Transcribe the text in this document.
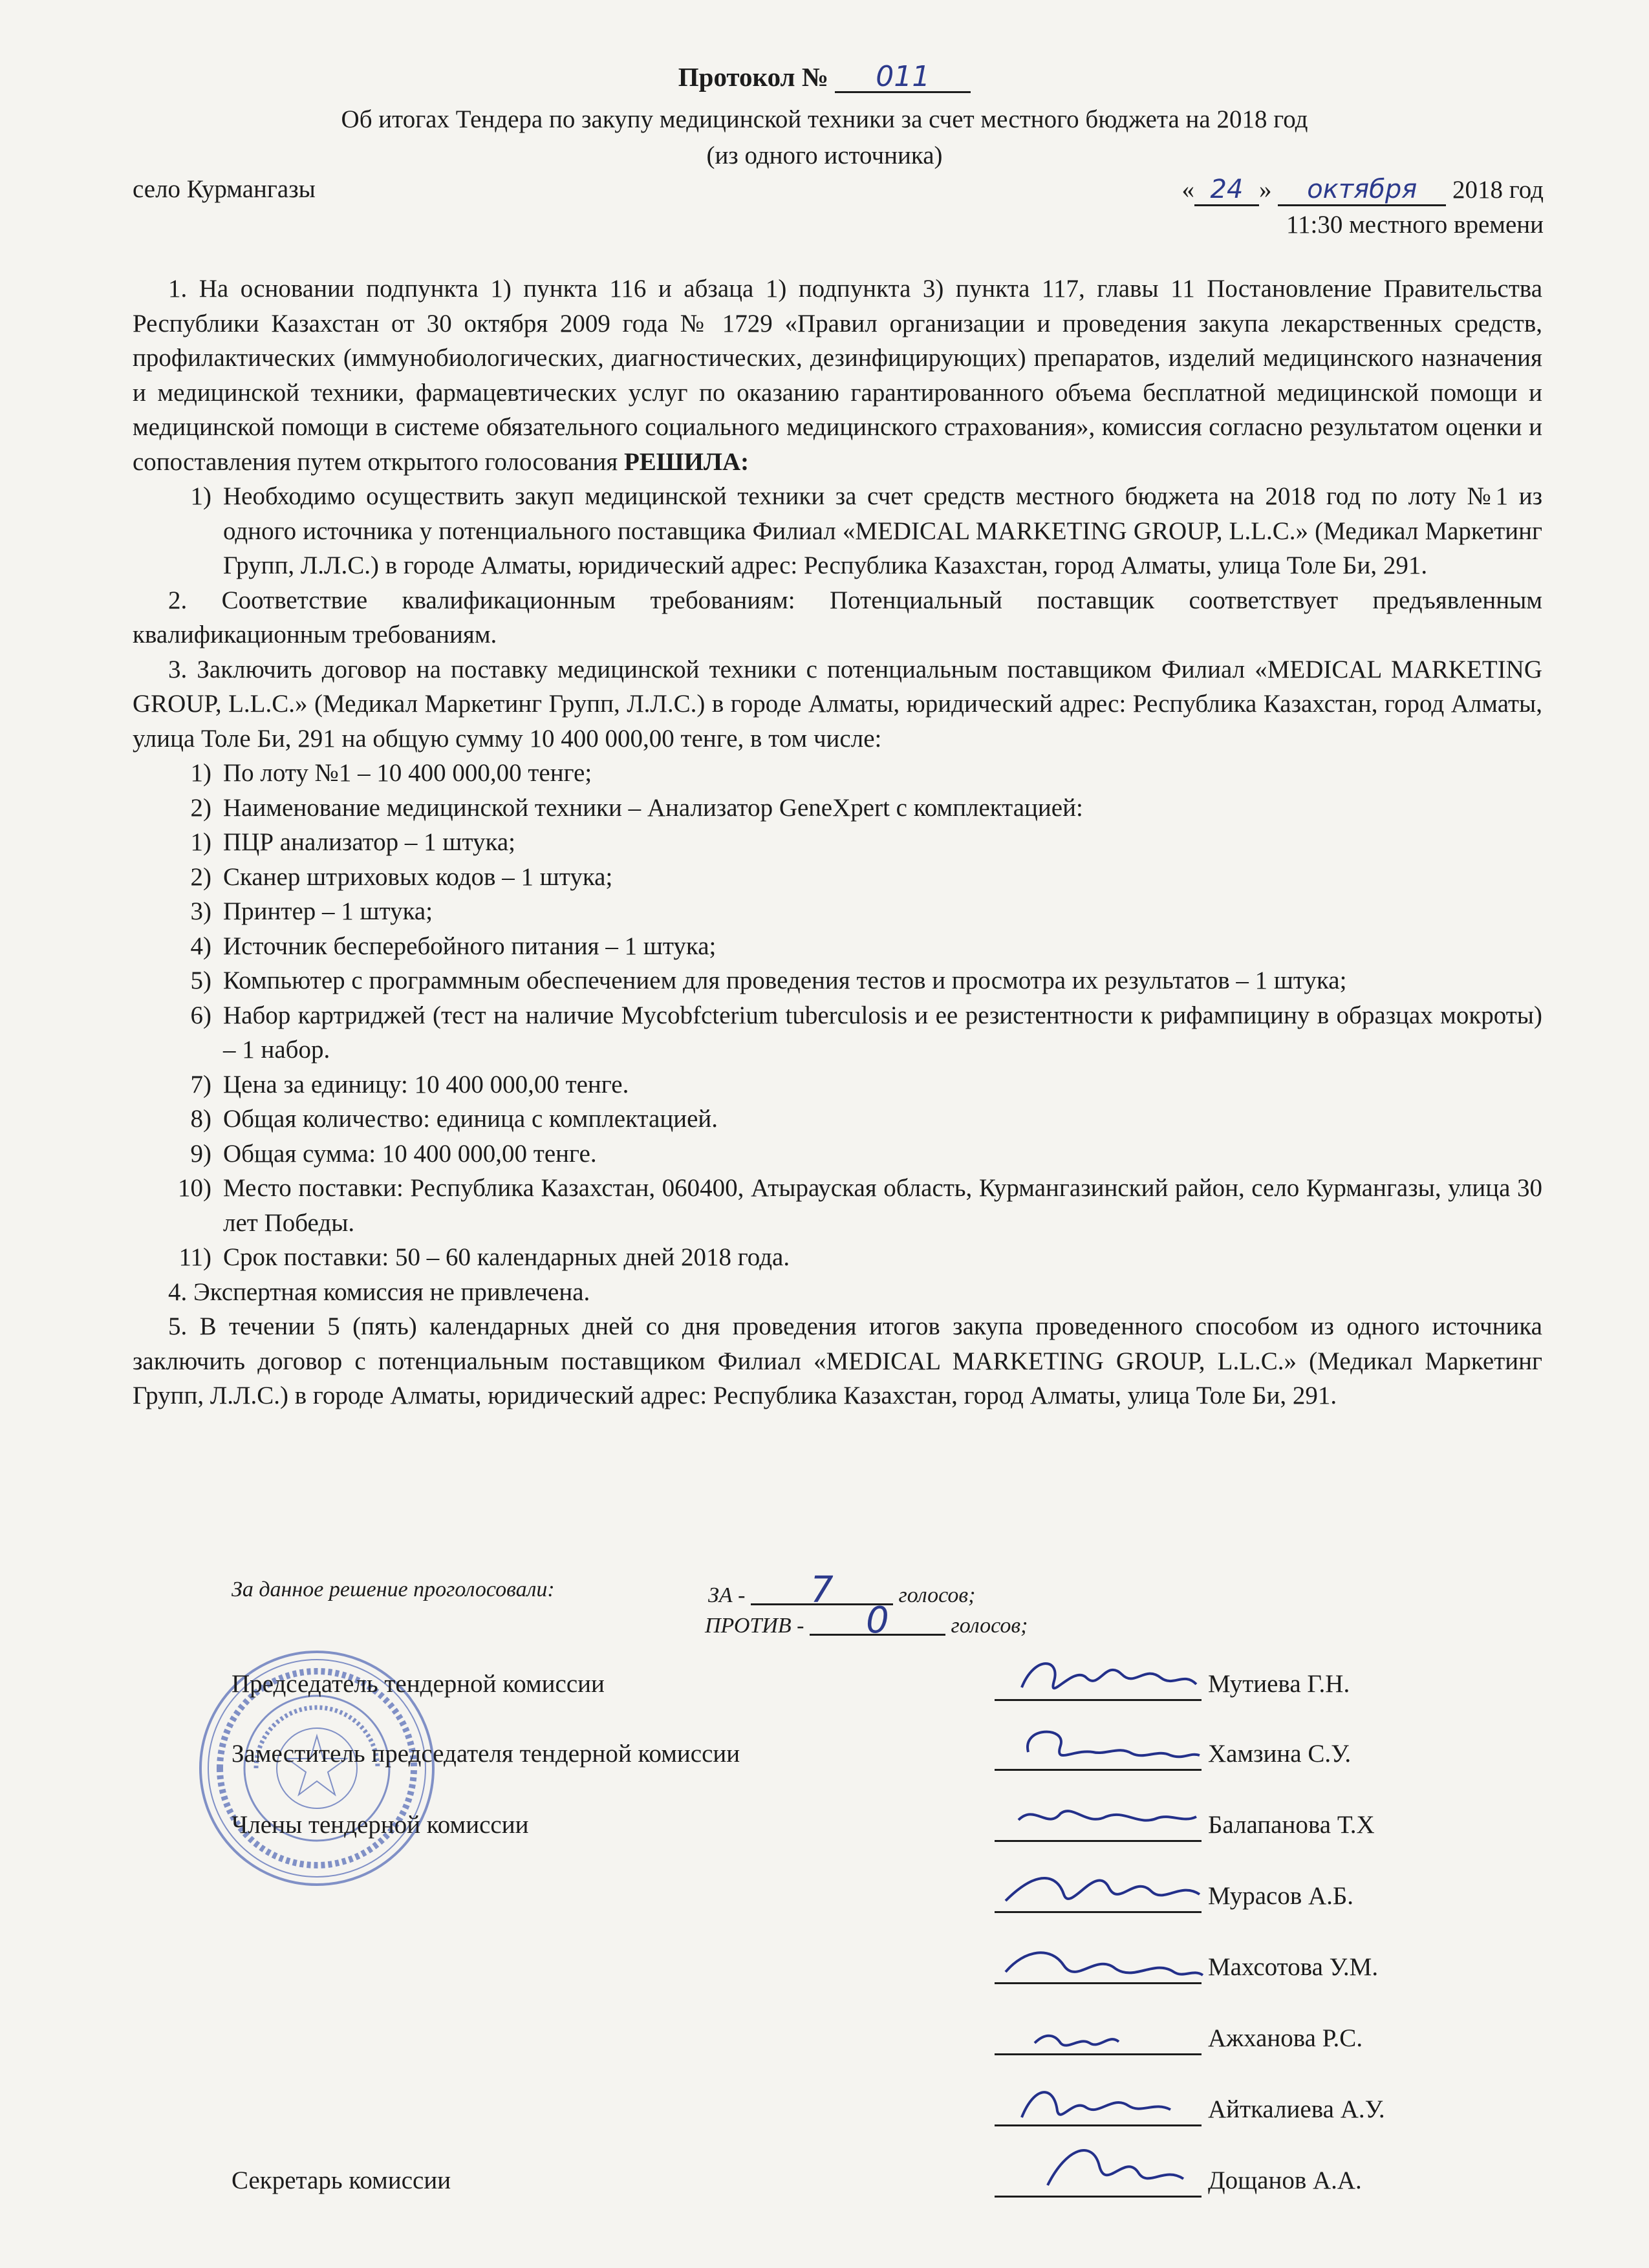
Протокол № 011
Об итогах Тендера по закупу медицинской техники за счет местного бюджета на 2018 год
(из одного источника)
село Курмангазы	« 24 » октября 2018 год
11:30 местного времени

1. На основании подпункта 1) пункта 116 и абзаца 1) подпункта 3) пункта 117, главы 11 Постановление Правительства Республики Казахстан от 30 октября 2009 года № 1729 «Правил организации и проведения закупа лекарственных средств, профилактических (иммунобиологических, диагностических, дезинфицирующих) препаратов, изделий медицинского назначения и медицинской техники, фармацевтических услуг по оказанию гарантированного объема бесплатной медицинской помощи и медицинской помощи в системе обязательного социального медицинского страхования», комиссия согласно результатом оценки и сопоставления путем открытого голосования РЕШИЛА:

1) Необходимо осуществить закуп медицинской техники за счет средств местного бюджета на 2018 год по лоту №1 из одного источника у потенциального поставщика Филиал «MEDICAL MARKETING GROUP, L.L.C.» (Медикал Маркетинг Групп, Л.Л.С.) в городе Алматы, юридический адрес: Республика Казахстан, город Алматы, улица Толе Би, 291.

2. Соответствие квалификационным требованиям: Потенциальный поставщик соответствует предъявленным квалификационным требованиям.

3. Заключить договор на поставку медицинской техники с потенциальным поставщиком Филиал «MEDICAL MARKETING GROUP, L.L.C.» (Медикал Маркетинг Групп, Л.Л.С.) в городе Алматы, юридический адрес: Республика Казахстан, город Алматы, улица Толе Би, 291 на общую сумму 10 400 000,00 тенге, в том числе:

1) По лоту №1 – 10 400 000,00 тенге;
2) Наименование медицинской техники – Анализатор GeneXpert с комплектацией:
1) ПЦР анализатор – 1 штука;
2) Сканер штриховых кодов – 1 штука;
3) Принтер – 1 штука;
4) Источник бесперебойного питания – 1 штука;
5) Компьютер с программным обеспечением для проведения тестов и просмотра их результатов – 1 штука;
6) Набор картриджей (тест на наличие Mycobfcterium tuberculosis и ее резистентности к рифампицину в образцах мокроты) – 1 набор.
7) Цена за единицу: 10 400 000,00 тенге.
8) Общая количество: единица с комплектацией.
9) Общая сумма: 10 400 000,00 тенге.
10) Место поставки: Республика Казахстан, 060400, Атырауская область, Курмангазинский район, село Курмангазы, улица 30 лет Победы.
11) Срок поставки: 50 – 60 календарных дней 2018 года.

4. Экспертная комиссия не привлечена.

5. В течении 5 (пять) календарных дней со дня проведения итогов закупа проведенного способом из одного источника заключить договор с потенциальным поставщиком Филиал «MEDICAL MARKETING GROUP, L.L.C.» (Медикал Маркетинг Групп, Л.Л.С.) в городе Алматы, юридический адрес: Республика Казахстан, город Алматы, улица Толе Би, 291.

За данное решение проголосовали:	ЗА - 7	голосов;
ПРОТИВ - 0	голосов;
Председатель тендерной комиссии	Мутиева Г.Н.
Заместитель председателя тендерной комиссии	Хамзина С.У.
Члены тендерной комиссии	Балапанова Т.Х
Мурасов А.Б.
Махсотова У.М.
Ажханова Р.С.
Айткалиева А.У.
Секретарь комиссии	Дощанов А.А.
